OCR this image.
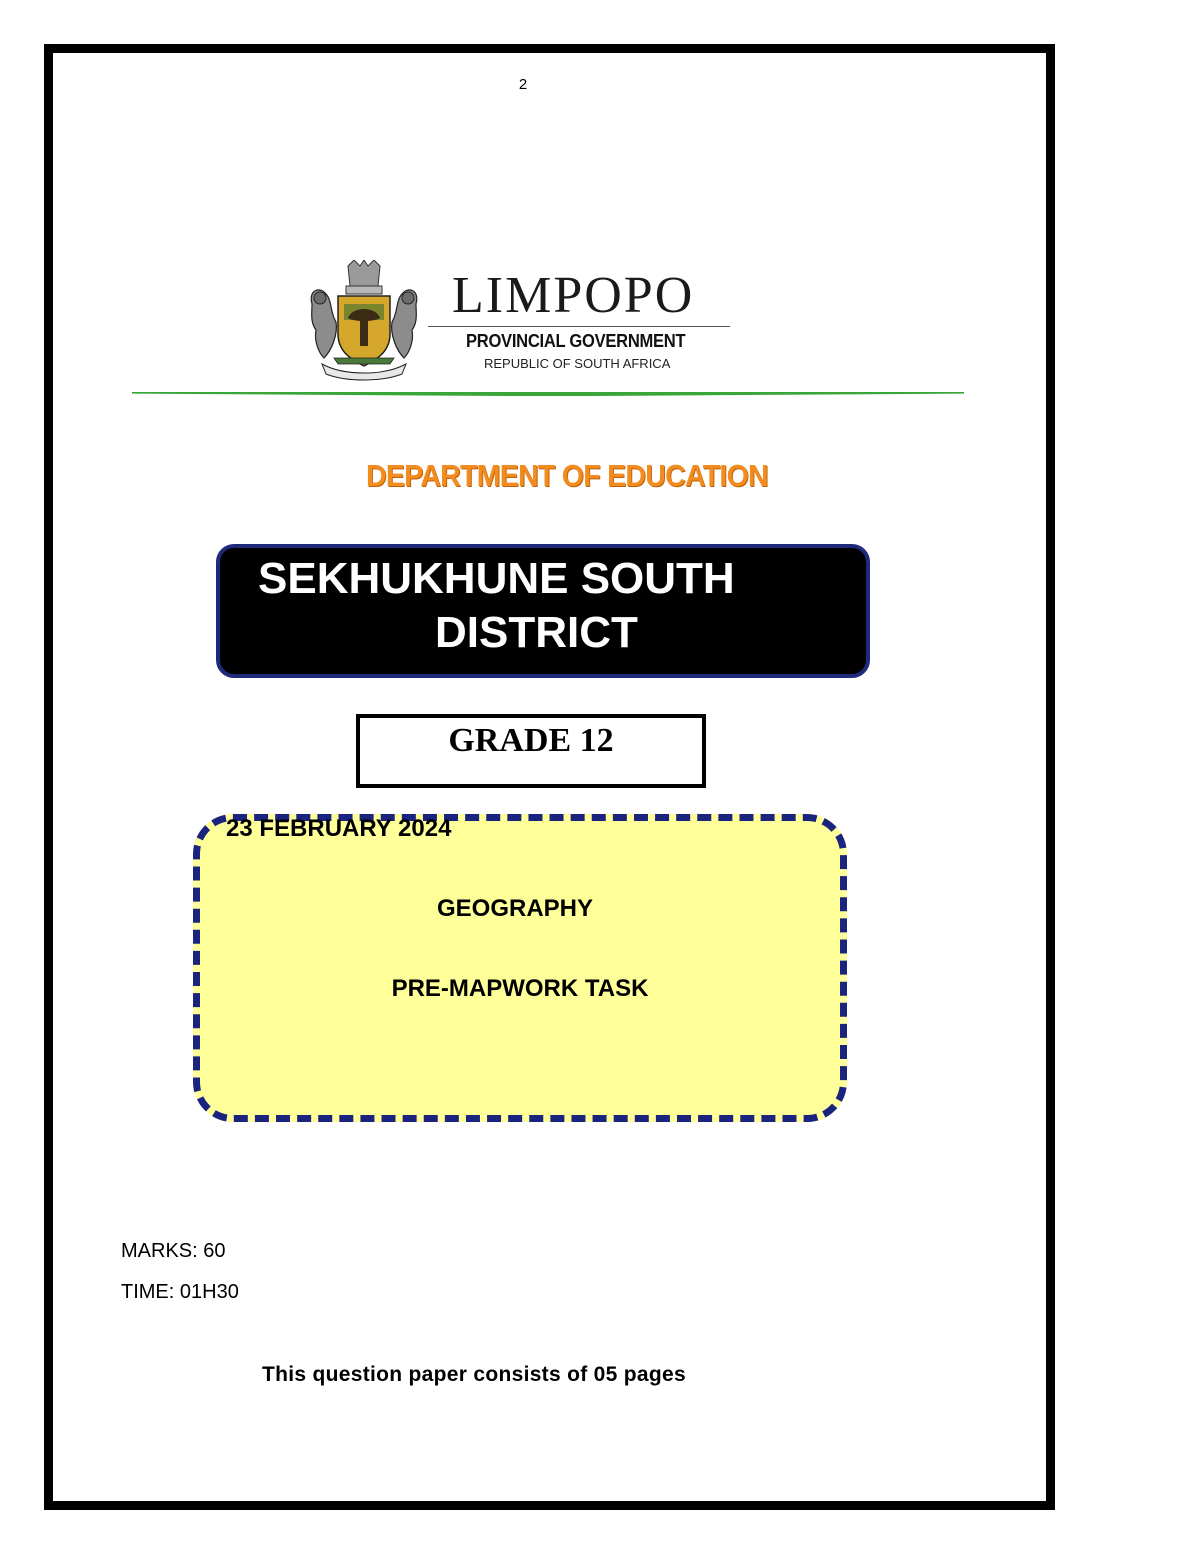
2
LIMPOPO
PROVINCIAL GOVERNMENT
REPUBLIC OF SOUTH AFRICA
DEPARTMENT OF EDUCATION
SEKHUKHUNE SOUTH
DISTRICT
GRADE 12
23 FEBRUARY 2024
GEOGRAPHY
PRE-MAPWORK TASK
MARKS: 60
TIME: 01H30
This question paper consists of 05 pages
